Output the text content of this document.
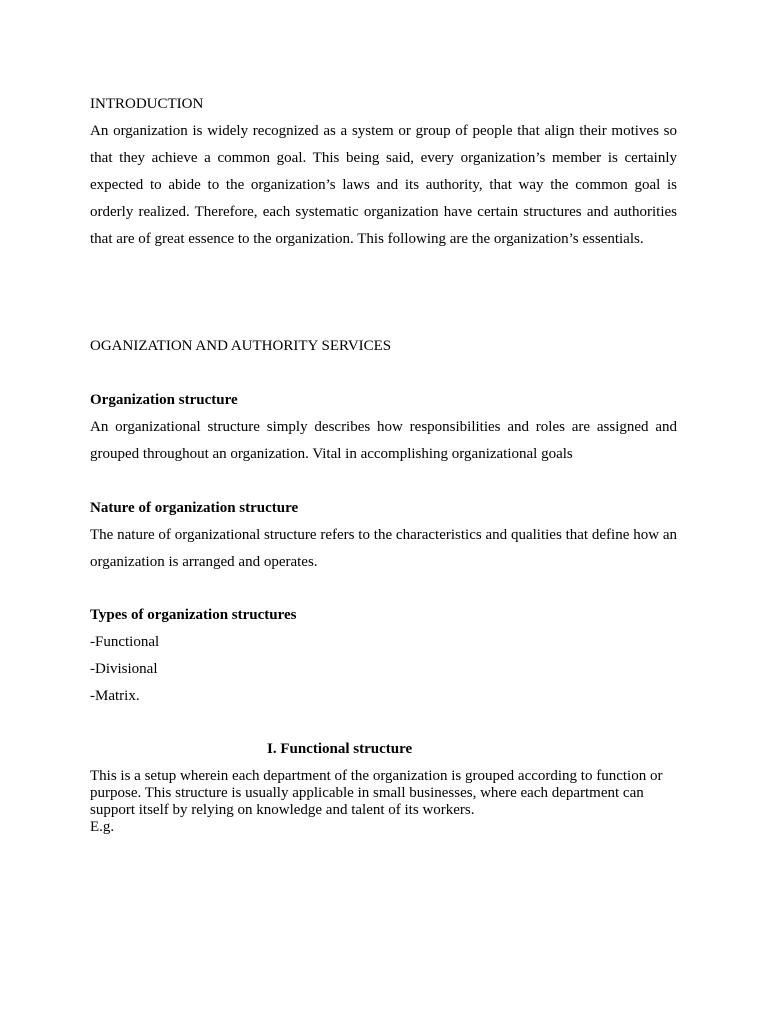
INTRODUCTION

An organization is widely recognized as a system or group of people that align their motives so that they achieve a common goal. This being said, every organization’s member is certainly expected to abide to the organization’s laws and its authority, that way the common goal is orderly realized. Therefore, each systematic organization have certain structures and authorities that are of great essence to the organization. This following are the organization’s essentials.

OGANIZATION AND AUTHORITY SERVICES

Organization structure

An organizational structure simply describes how responsibilities and roles are assigned and grouped throughout an organization. Vital in accomplishing organizational goals

Nature of organization structure

The nature of organizational structure refers to the characteristics and qualities that define how an organization is arranged and operates.

Types of organization structures

-Functional

-Divisional

-Matrix.

I. Functional structure

This is a setup wherein each department of the organization is grouped according to function or

purpose. This structure is usually applicable in small businesses, where each department can

support itself by relying on knowledge and talent of its workers.

E.g.
